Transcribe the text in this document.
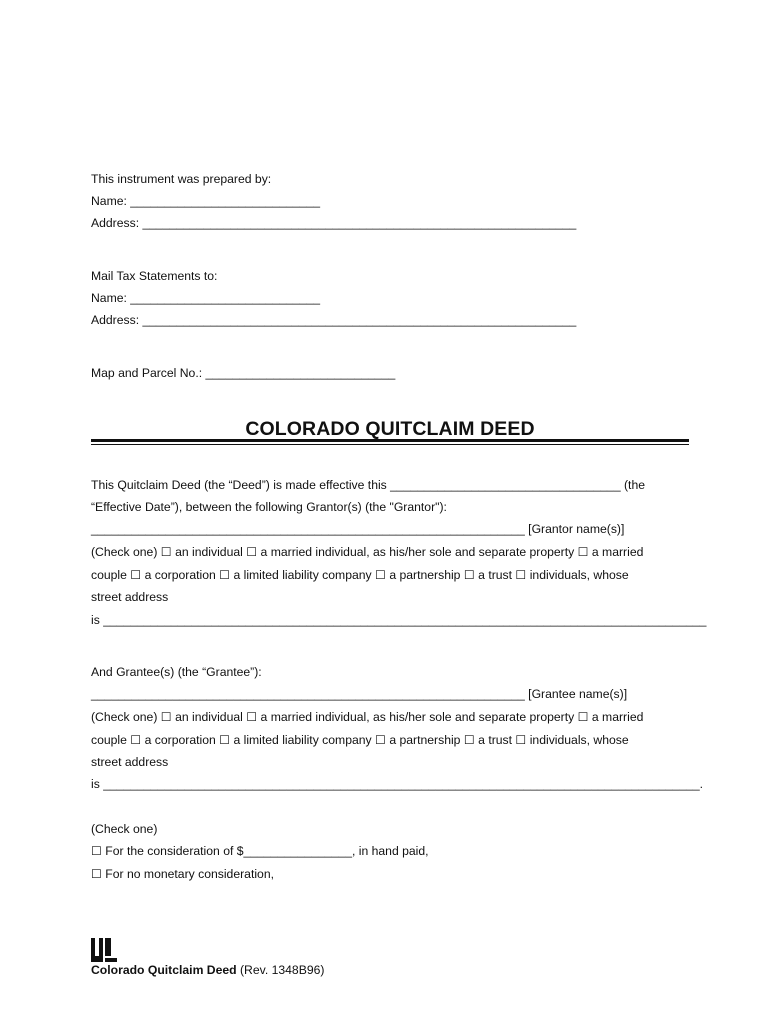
This instrument was prepared by:
Name: ____________________________
Address: ________________________________________________________________
Mail Tax Statements to:
Name: ____________________________
Address: ________________________________________________________________
Map and Parcel No.: ____________________________
COLORADO QUITCLAIM DEED
This Quitclaim Deed (the “Deed”) is made effective this __________________________________ (the
“Effective Date”), between the following Grantor(s) (the "Grantor"):
________________________________________________________________ [Grantor name(s)]
(Check one) ☐ an individual ☐ a married individual, as his/her sole and separate property ☐ a married
couple ☐ a corporation ☐ a limited liability company ☐ a partnership ☐ a trust ☐ individuals, whose
street address
is _________________________________________________________________________________________
And Grantee(s) (the “Grantee”):
________________________________________________________________ [Grantee name(s)]
(Check one) ☐ an individual ☐ a married individual, as his/her sole and separate property ☐ a married
couple ☐ a corporation ☐ a limited liability company ☐ a partnership ☐ a trust ☐ individuals, whose
street address
is ________________________________________________________________________________________.
(Check one)
☐ For the consideration of $________________, in hand paid,
☐ For no monetary consideration,
Colorado Quitclaim Deed (Rev. 1348B96)
